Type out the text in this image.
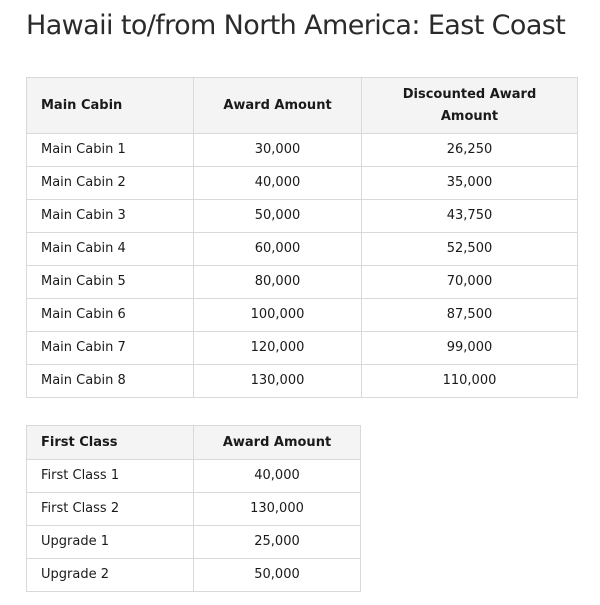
Hawaii to/from North America: East Coast
Main Cabin	Award Amount	Discounted Award Amount
Main Cabin 1	30,000	26,250
Main Cabin 2	40,000	35,000
Main Cabin 3	50,000	43,750
Main Cabin 4	60,000	52,500
Main Cabin 5	80,000	70,000
Main Cabin 6	100,000	87,500
Main Cabin 7	120,000	99,000
Main Cabin 8	130,000	110,000
First Class	Award Amount
First Class 1	40,000
First Class 2	130,000
Upgrade 1	25,000
Upgrade 2	50,000
